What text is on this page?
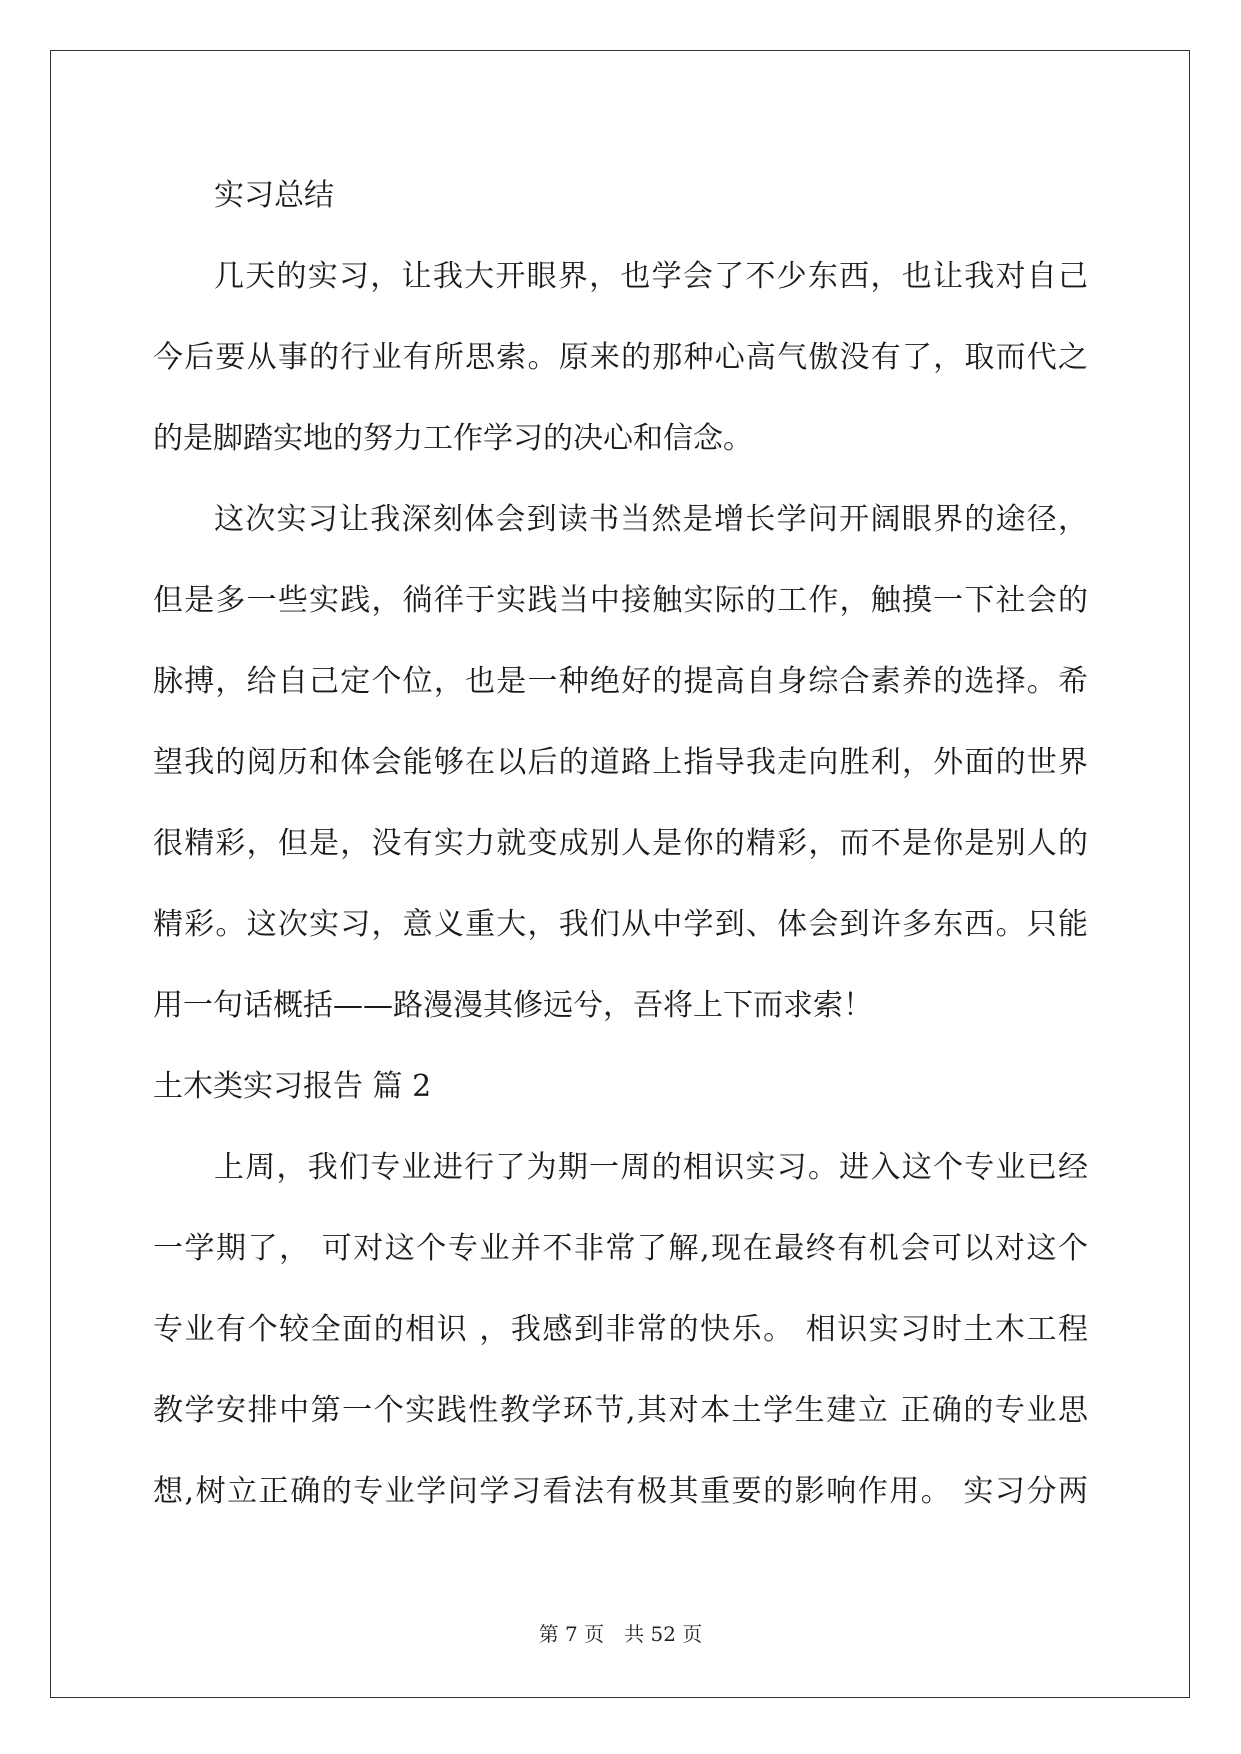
实习总结
几天的实习，让我大开眼界，也学会了不少东西，也让我对自己
今后要从事的行业有所思索。原来的那种心高气傲没有了，取而代之
的是脚踏实地的努力工作学习的决心和信念。
这次实习让我深刻体会到读书当然是增长学问开阔眼界的途径，
但是多一些实践，徜徉于实践当中接触实际的工作，触摸一下社会的
脉搏，给自己定个位，也是一种绝好的提高自身综合素养的选择。希
望我的阅历和体会能够在以后的道路上指导我走向胜利，外面的世界
很精彩，但是，没有实力就变成别人是你的精彩，而不是你是别人的
精彩。这次实习，意义重大，我们从中学到、体会到许多东西。只能
用一句话概括——路漫漫其修远兮，吾将上下而求索！
土木类实习报告 篇 2
上周，我们专业进行了为期一周的相识实习。进入这个专业已经
一学期了， 可对这个专业并不非常了解,现在最终有机会可以对这个
专业有个较全面的相识 ，我感到非常的快乐。 相识实习时土木工程
教学安排中第一个实践性教学环节,其对本土学生建立 正确的专业思
想,树立正确的专业学问学习看法有极其重要的影响作用。 实习分两
第 7 页 共 52 页
